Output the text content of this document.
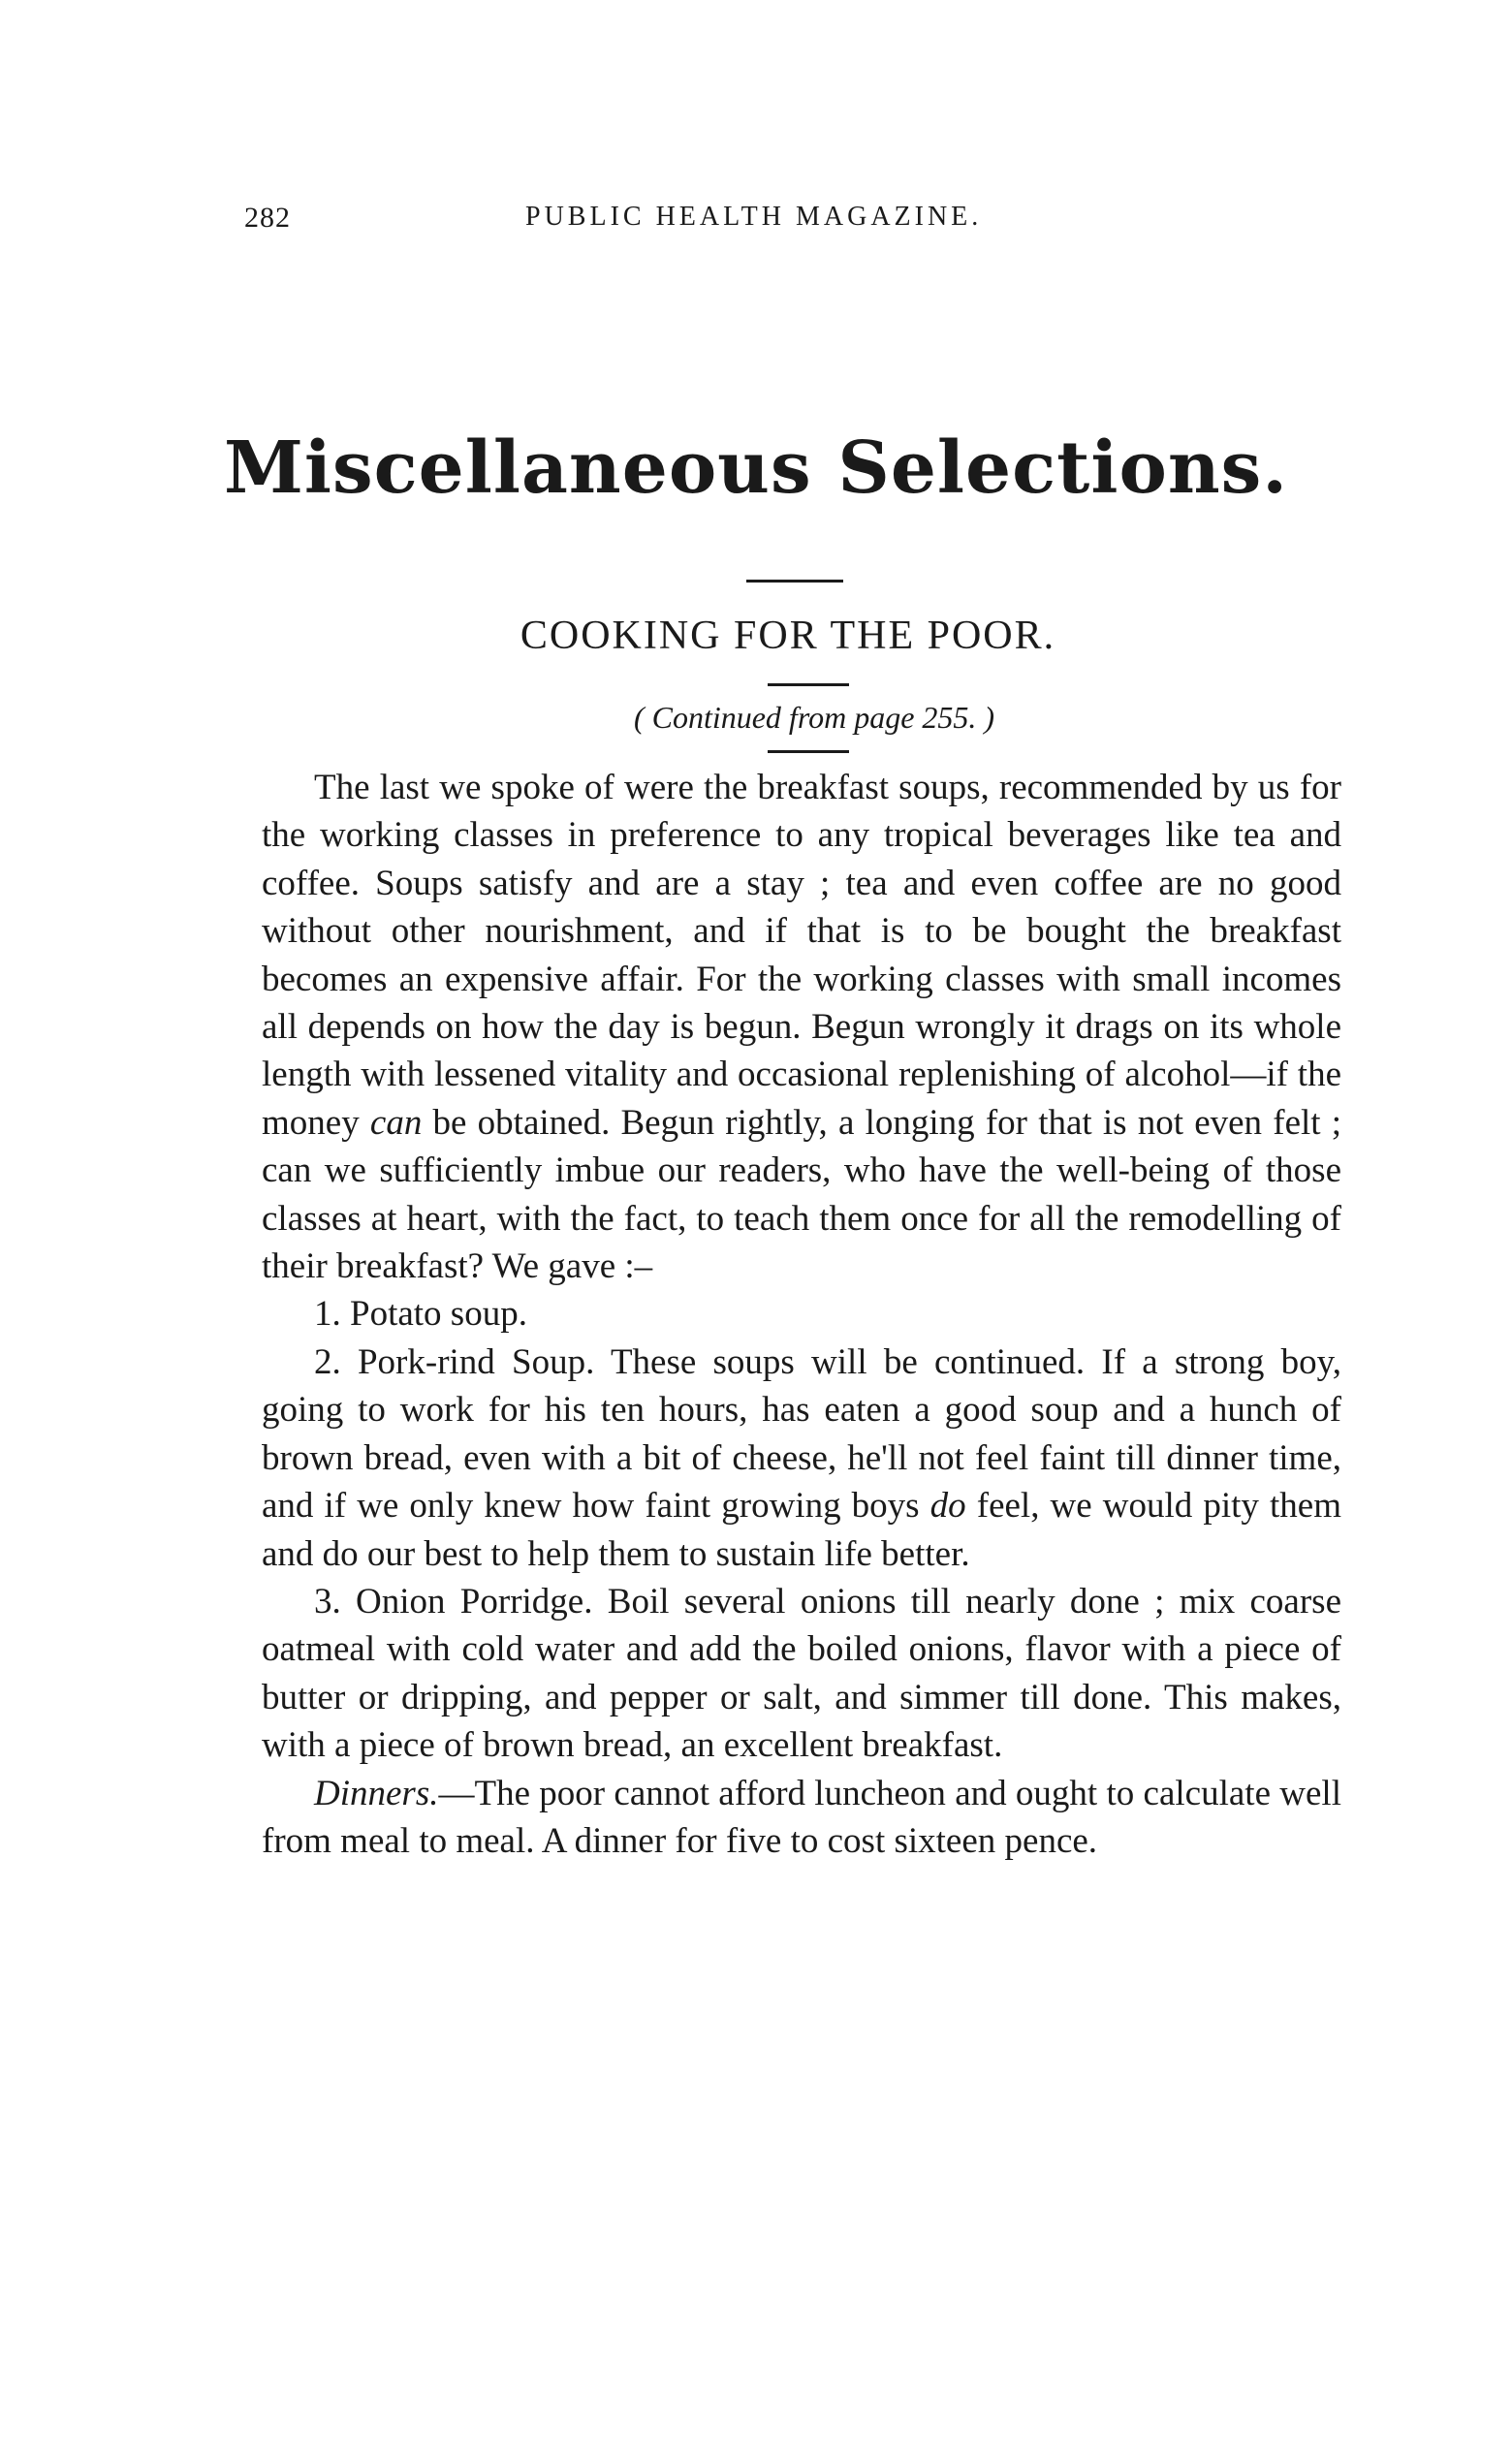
282	PUBLIC HEALTH MAGAZINE.
Miscellaneous Selections.
COOKING FOR THE POOR.
( Continued from page 255. )

The last we spoke of were the breakfast soups, recommended by us for the working classes in preference to any tropical beverages like tea and coffee. Soups satisfy and are a stay ; tea and even coffee are no good without other nourishment, and if that is to be bought the breakfast becomes an expensive affair. For the working classes with small incomes all depends on how the day is begun. Begun wrongly it drags on its whole length with lessened vitality and occasional replenishing of alcohol—if the money can be obtained. Begun rightly, a longing for that is not even felt ; can we sufficiently imbue our readers, who have the well-being of those classes at heart, with the fact, to teach them once for all the remodelling of their breakfast? We gave :–

1. Potato soup.

2. Pork-rind Soup. These soups will be continued. If a strong boy, going to work for his ten hours, has eaten a good soup and a hunch of brown bread, even with a bit of cheese, he'll not feel faint till dinner time, and if we only knew how faint growing boys do feel, we would pity them and do our best to help them to sustain life better.

3. Onion Porridge. Boil several onions till nearly done ; mix coarse oatmeal with cold water and add the boiled onions, flavor with a piece of butter or dripping, and pepper or salt, and simmer till done. This makes, with a piece of brown bread, an excellent breakfast.

Dinners.—The poor cannot afford luncheon and ought to calculate well from meal to meal. A dinner for five to cost sixteen pence.
